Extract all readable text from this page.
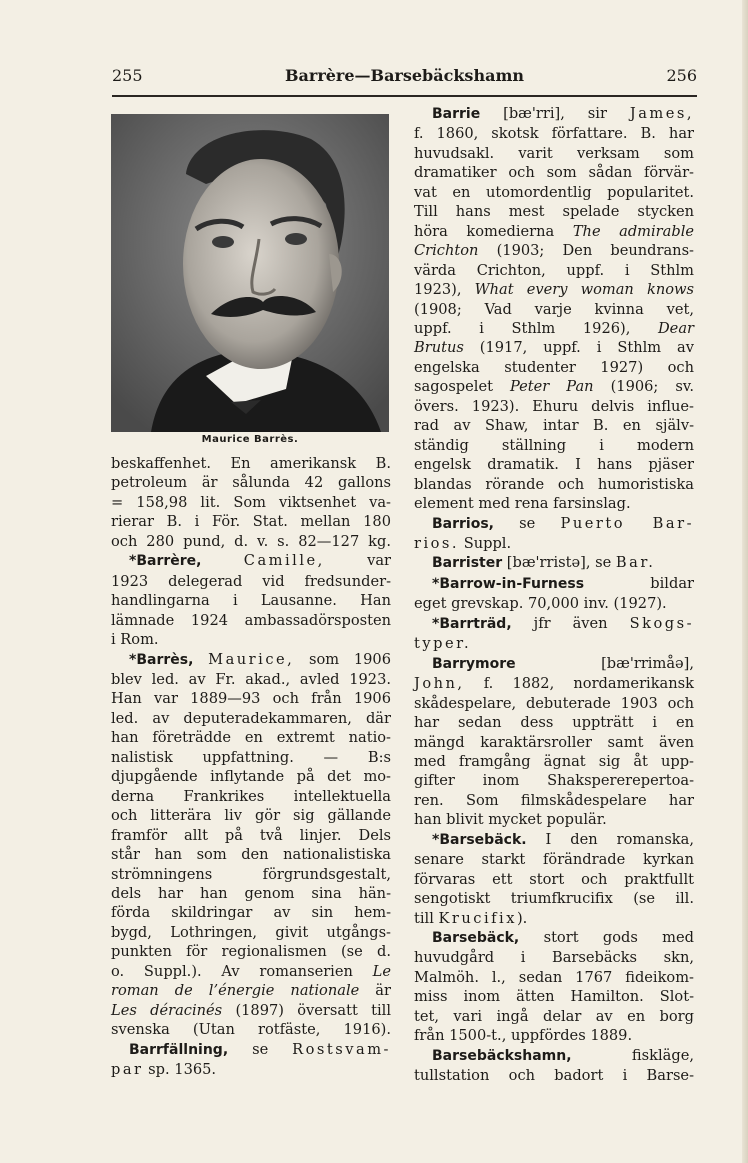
255	Barrère—Barsebäckshamn	256
Maurice Barrès.
beskaffenhet. En amerikansk B.
petroleum är sålunda 42 gallons
= 158,98 lit. Som viktsenhet va-
rierar B. i För. Stat. mellan 180
och 280 pund, d. v. s. 82—127 kg.
*Barrère,	Camille, var
1923 delegerad vid fredsunder-
handlingarna i Lausanne. Han
lämnade 1924 ambassadörsposten
i Rom.
*Barrès, Maurice, som 1906
blev led. av Fr. akad., avled 1923.
Han var 1889—93 och från 1906
led. av deputeradekammaren, där
han företrädde en extremt natio-
nalistisk uppfattning. — B:s
djupgående inflytande på det mo-
derna Frankrikes intellektuella
och litterära liv gör sig gällande
framför allt på två linjer. Dels
står han som den nationalistiska
strömningens förgrundsgestalt,
dels har han genom sina hän-
förda skildringar av sin hem-
bygd, Lothringen, givit utgångs-
punkten för regionalismen (se d.
o. Suppl.). Av romanserien Le
roman de l’énergie nationale är
Les déracinés (1897) översatt till
svenska (Utan rotfäste, 1916).
Barrfällning, se Rostsvam-
par sp. 1365.
Barrie [bæ'rri], sir James,
f. 1860, skotsk författare. B. har
huvudsakl. varit verksam som
dramatiker och som sådan förvär-
vat en utomordentlig popularitet.
Till hans mest spelade stycken
höra komedierna The admirable
Crichton (1903; Den beundrans-
värda Crichton, uppf. i Sthlm
1923), What every woman knows
(1908; Vad varje kvinna vet,
uppf. i Sthlm 1926), Dear
Brutus (1917, uppf. i Sthlm av
engelska studenter 1927) och
sagospelet Peter Pan (1906; sv.
övers. 1923). Ehuru delvis influe-
rad av Shaw, intar B. en själv-
ständig ställning i modern
engelsk dramatik. I hans pjäser
blandas rörande och humoristiska
element med rena farsinslag.
Barrios, se Puerto Bar-
rios. Suppl.
Barrister [bæ'rristə], se Bar.
*Barrow-in-Furness bildar
eget grevskap. 70,000 inv. (1927).
*Barrträd, jfr även Skogs-
typer.
Barrymore [bæ'rrimåə],
John, f. 1882, nordamerikansk
skådespelare, debuterade 1903 och
har sedan dess uppträtt i en
mängd karaktärsroller samt även
med framgång ägnat sig åt upp-
gifter inom Shakspererepertoa-
ren. Som filmskådespelare har
han blivit mycket populär.
*Barsebäck. I den romanska,
senare starkt förändrade kyrkan
förvaras ett stort och praktfullt
sengotiskt triumfkrucifix (se ill.
till Krucifix).
Barsebäck, stort gods med
huvudgård i Barsebäcks skn,
Malmöh. l., sedan 1767 fideikom-
miss inom ätten Hamilton. Slot-
tet, vari ingå delar av en borg
från 1500-t., uppfördes 1889.
Barsebäckshamn, fiskläge,
tullstation och badort i Barse-
